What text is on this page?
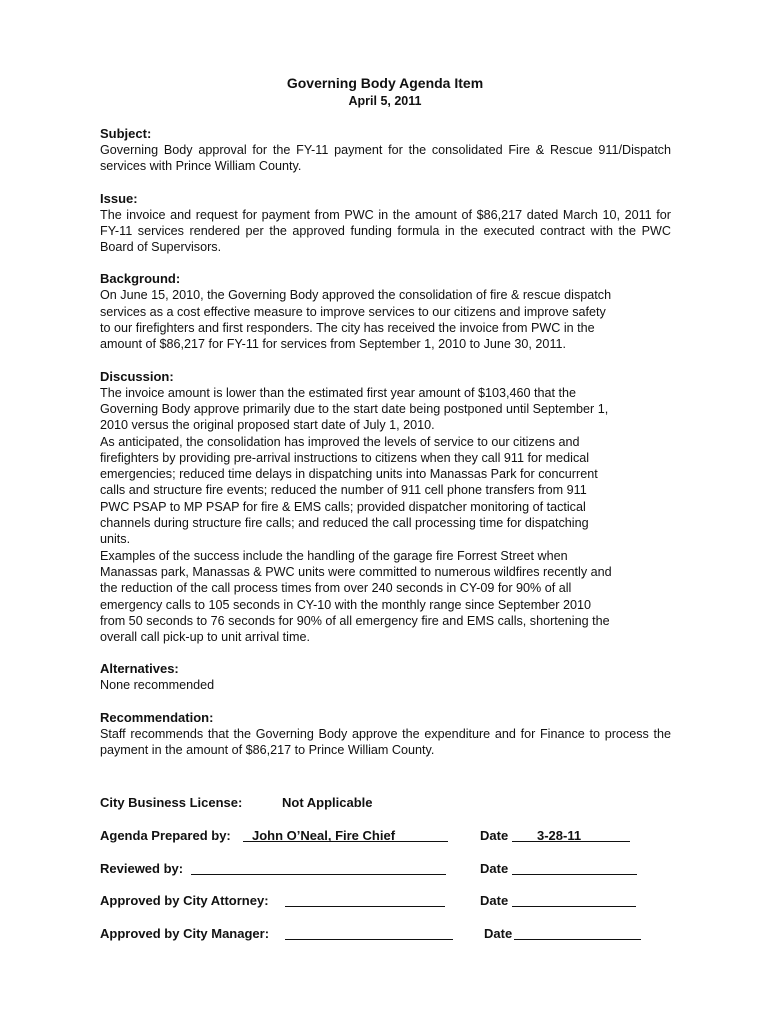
Governing Body Agenda Item
April 5, 2011
Subject:
Governing Body approval for the FY-11 payment for the consolidated Fire & Rescue 911/Dispatch services with Prince William County.
Issue:
The invoice and request for payment from PWC in the amount of $86,217 dated March 10, 2011 for FY-11 services rendered per the approved funding formula in the executed contract with the PWC Board of Supervisors.
Background:
On June 15, 2010, the Governing Body approved the consolidation of fire & rescue dispatch
services as a cost effective measure to improve services to our citizens and improve safety
to our firefighters and first responders. The city has received the invoice from PWC in the
amount of $86,217 for FY-11 for services from September 1, 2010 to June 30, 2011.
Discussion:
The invoice amount is lower than the estimated first year amount of $103,460 that the
Governing Body approve primarily due to the start date being postponed until September 1,
2010 versus the original proposed start date of July 1, 2010.
As anticipated, the consolidation has improved the levels of service to our citizens and
firefighters by providing pre-arrival instructions to citizens when they call 911 for medical
emergencies; reduced time delays in dispatching units into Manassas Park for concurrent
calls and structure fire events; reduced the number of 911 cell phone transfers from 911
PWC PSAP to MP PSAP for fire & EMS calls; provided dispatcher monitoring of tactical
channels during structure fire calls; and reduced the call processing time for dispatching
units.
Examples of the success include the handling of the garage fire Forrest Street when
Manassas park, Manassas & PWC units were committed to numerous wildfires recently and
the reduction of the call process times from over 240 seconds in CY-09 for 90% of all
emergency calls to 105 seconds in CY-10 with the monthly range since September 2010
from 50 seconds to 76 seconds for 90% of all emergency fire and EMS calls, shortening the
overall call pick-up to unit arrival time.
Alternatives:
None recommended
Recommendation:
Staff recommends that the Governing Body approve the expenditure and for Finance to process the payment in the amount of $86,217 to Prince William County.
City Business License:	Not Applicable
Agenda Prepared by: John O’Neal, Fire Chief	Date 3-28-11
Reviewed by:	Date
Approved by City Attorney:	Date
Approved by City Manager:	Date
